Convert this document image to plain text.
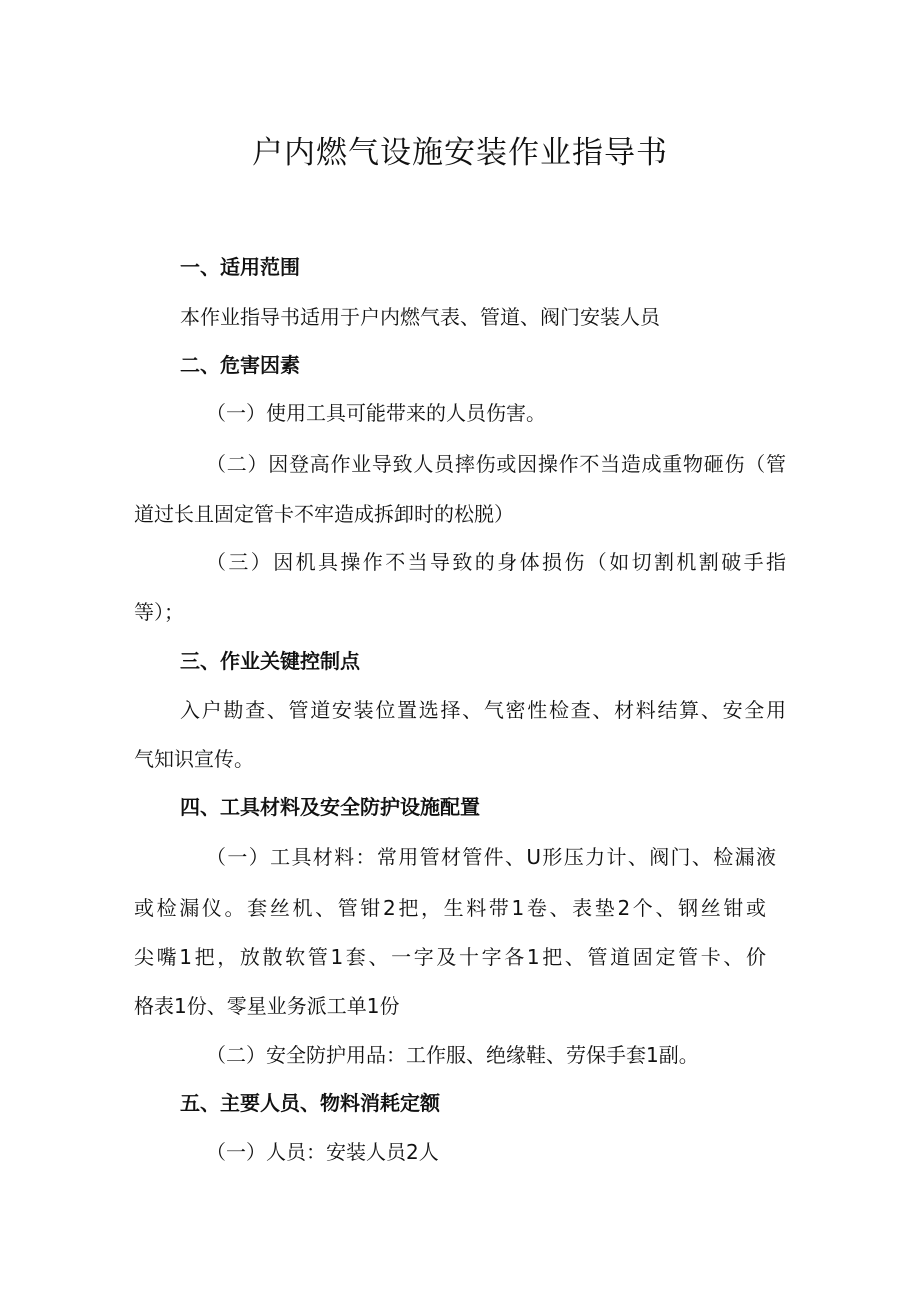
户内燃气设施安装作业指导书

一、适用范围

本作业指导书适用于户内燃气表、管道、阀门安装人员

二、危害因素

（一）使用工具可能带来的人员伤害。

（二）因登高作业导致人员摔伤或因操作不当造成重物砸伤（管

道过长且固定管卡不牢造成拆卸时的松脱）

（三）因机具操作不当导致的身体损伤（如切割机割破手指

等）；

三、作业关键控制点

入户勘查、管道安装位置选择、气密性检查、材料结算、安全用

气知识宣传。

四、工具材料及安全防护设施配置

（一）工具材料：常用管材管件、U形压力计、阀门、检漏液

或检漏仪。套丝机、管钳2把，生料带1卷、表垫2个、钢丝钳或

尖嘴1把，放散软管1套、一字及十字各1把、管道固定管卡、价

格表1份、零星业务派工单1份

（二）安全防护用品：工作服、绝缘鞋、劳保手套1副。

五、主要人员、物料消耗定额

（一）人员：安装人员2人
